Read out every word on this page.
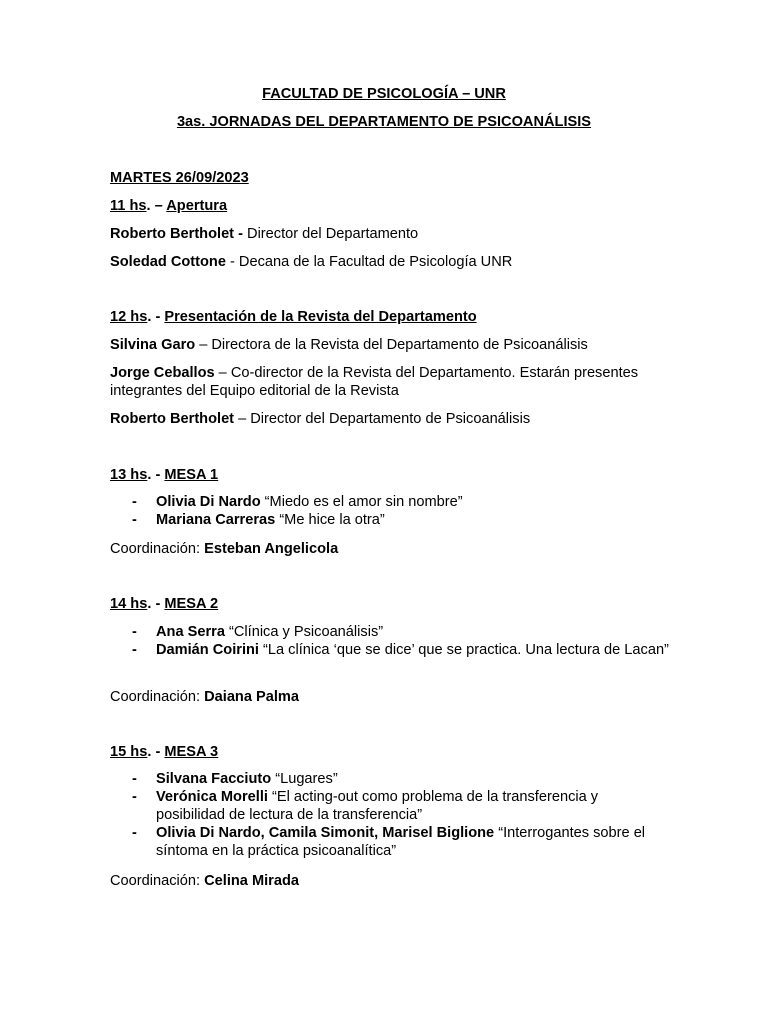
FACULTAD DE PSICOLOGÍA – UNR
3as. JORNADAS DEL DEPARTAMENTO DE PSICOANÁLISIS
MARTES 26/09/2023
11 hs. – Apertura
Roberto Bertholet - Director del Departamento
Soledad Cottone - Decana de la Facultad de Psicología UNR
12 hs. - Presentación de la Revista del Departamento
Silvina Garo – Directora de la Revista del Departamento de Psicoanálisis
Jorge Ceballos – Co-director de la Revista del Departamento. Estarán presentes integrantes del Equipo editorial de la Revista
Roberto Bertholet – Director del Departamento de Psicoanálisis
13 hs. - MESA 1
- Olivia Di Nardo “Miedo es el amor sin nombre”
- Mariana Carreras “Me hice la otra”
Coordinación: Esteban Angelicola
14 hs. - MESA 2
- Ana Serra “Clínica y Psicoanálisis”
- Damián Coirini “La clínica ‘que se dice’ que se practica. Una lectura de Lacan”
Coordinación: Daiana Palma
15 hs. - MESA 3
- Silvana Facciuto “Lugares”
- Verónica Morelli “El acting-out como problema de la transferencia y posibilidad de lectura de la transferencia”
- Olivia Di Nardo, Camila Simonit, Marisel Biglione “Interrogantes sobre el síntoma en la práctica psicoanalítica”
Coordinación: Celina Mirada
